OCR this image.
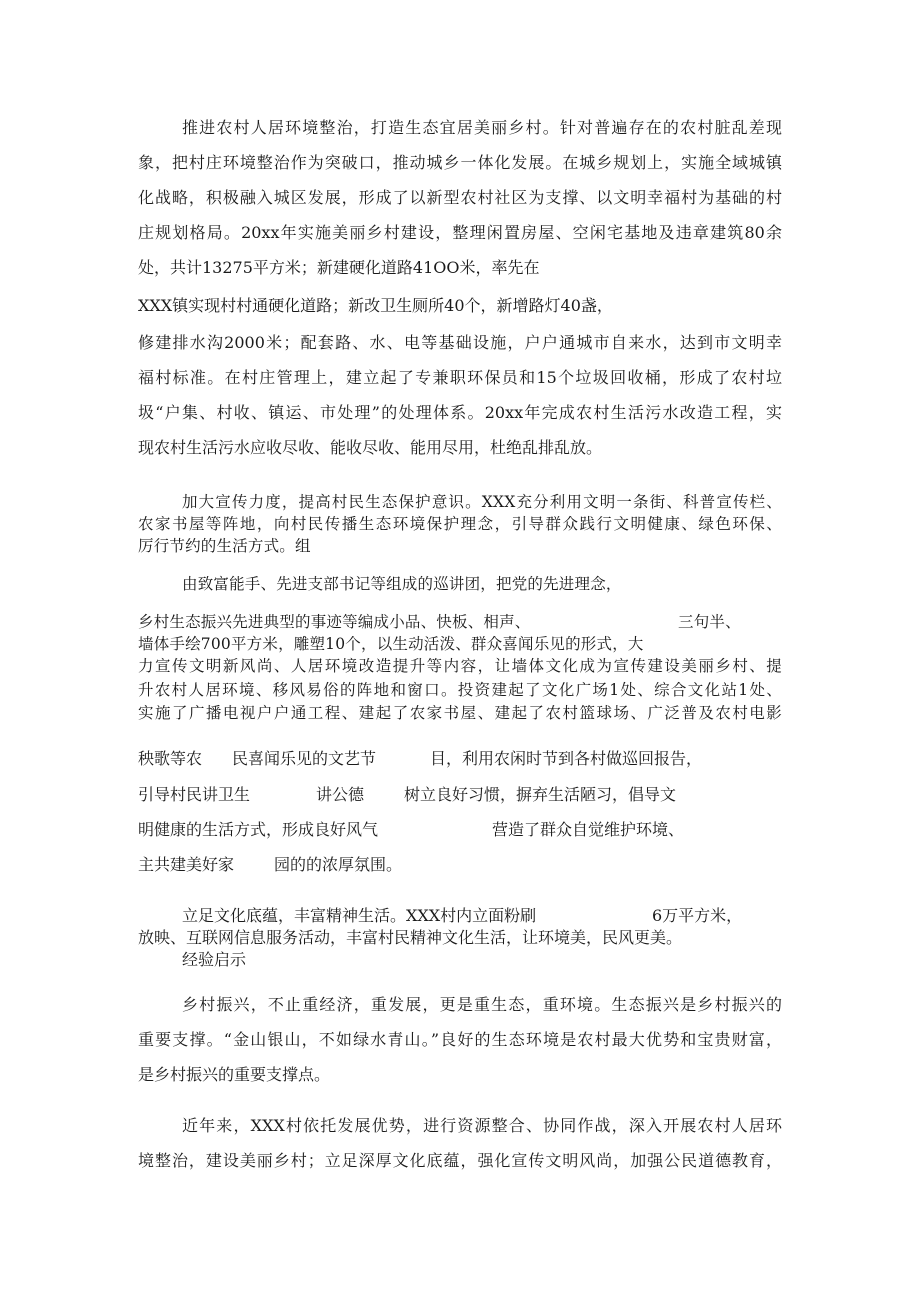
推进农村人居环境整治，打造生态宜居美丽乡村。针对普遍存在的农村脏乱差现
象，把村庄环境整治作为突破口，推动城乡一体化发展。在城乡规划上，实施全域城镇
化战略，积极融入城区发展，形成了以新型农村社区为支撑、以文明幸福村为基础的村
庄规划格局。20xx年实施美丽乡村建设，整理闲置房屋、空闲宅基地及违章建筑80余
处，共计13275平方米；新建硬化道路41OO米，率先在
XXX镇实现村村通硬化道路；新改卫生厕所40个，新增路灯40盏，
修建排水沟2000米；配套路、水、电等基础设施，户户通城市自来水，达到市文明幸
福村标准。在村庄管理上，建立起了专兼职环保员和15个垃圾回收桶，形成了农村垃
圾“户集、村收、镇运、市处理”的处理体系。20xx年完成农村生活污水改造工程，实
现农村生活污水应收尽收、能收尽收、能用尽用，杜绝乱排乱放。
加大宣传力度，提高村民生态保护意识。XXX充分利用文明一条街、科普宣传栏、
农家书屋等阵地，向村民传播生态环境保护理念，引导群众践行文明健康、绿色环保、
厉行节约的生活方式。组
由致富能手、先进支部书记等组成的巡讲团，把党的先进理念，
乡村生态振兴先进典型的事迹等编成小品、快板、相声、	三句半、
墙体手绘700平方米，雕塑10个，以生动活泼、群众喜闻乐见的形式，大
力宣传文明新风尚、人居环境改造提升等内容，让墙体文化成为宣传建设美丽乡村、提
升农村人居环境、移风易俗的阵地和窗口。投资建起了文化广场1处、综合文化站1处、
实施了广播电视户户通工程、建起了农家书屋、建起了农村篮球场、广泛普及农村电影
秧歌等农 民喜闻乐见的文艺节	目，利用农闲时节到各村做巡回报告，
引导村民讲卫生	讲公德 树立良好习惯，摒弃生活陋习，倡导文
明健康的生活方式，形成良好风气	营造了群众自觉维护环境、
主共建美好家 园的的浓厚氛围。
立足文化底蕴，丰富精神生活。XXX村内立面粉刷	6万平方米，
放映、互联网信息服务活动，丰富村民精神文化生活，让环境美，民风更美。
经验启示
乡村振兴，不止重经济，重发展，更是重生态，重环境。生态振兴是乡村振兴的
重要支撑。“金山银山，不如绿水青山。”良好的生态环境是农村最大优势和宝贵财富，
是乡村振兴的重要支撑点。
近年来，XXX村依托发展优势，进行资源整合、协同作战，深入开展农村人居环
境整治，建设美丽乡村；立足深厚文化底蕴，强化宣传文明风尚，加强公民道德教育，
